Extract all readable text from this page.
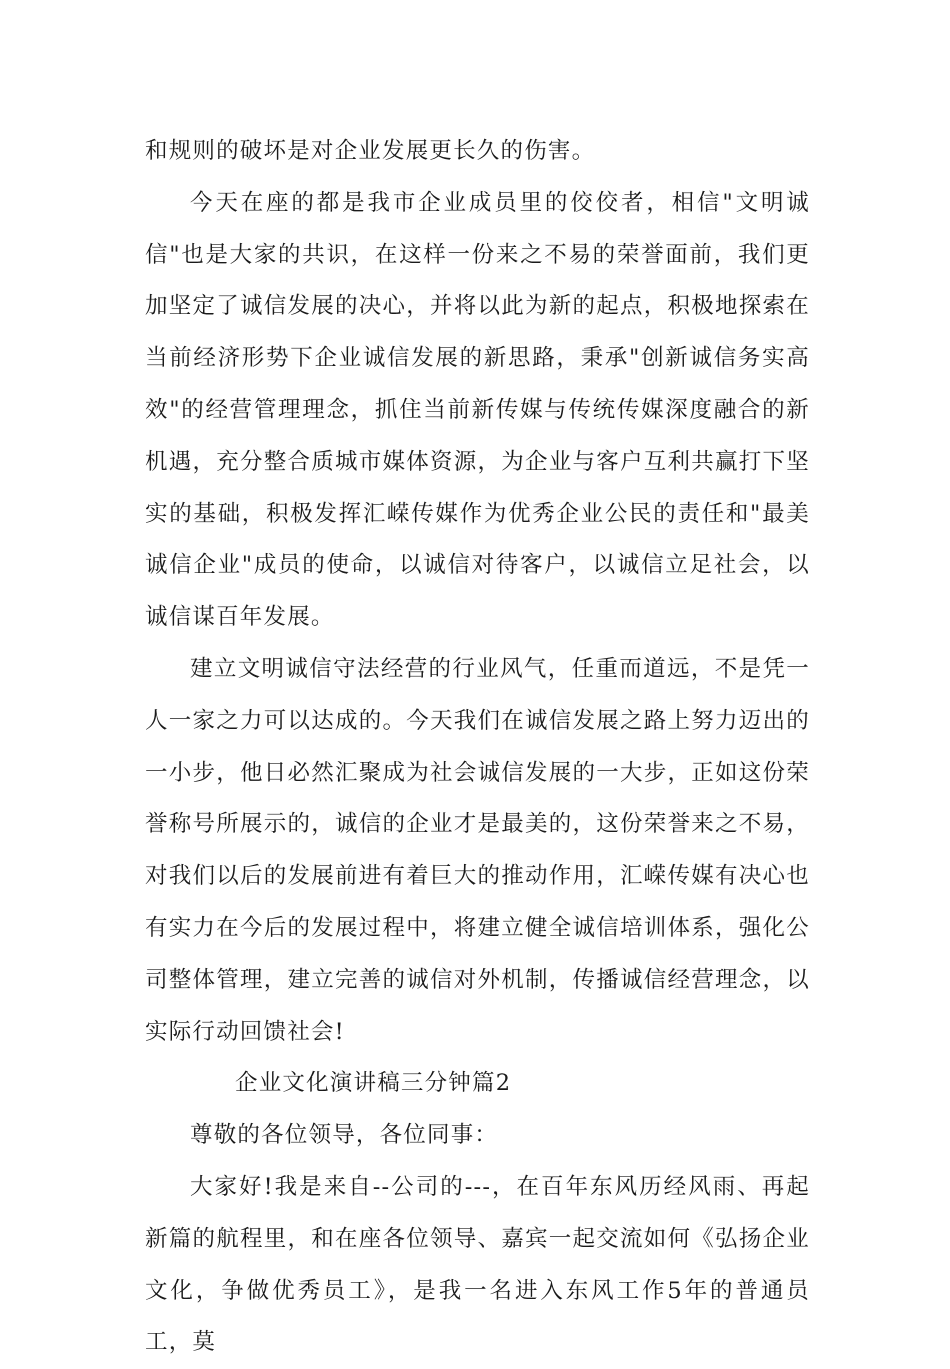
和规则的破坏是对企业发展更长久的伤害。

今天在座的都是我市企业成员里的佼佼者，相信"文明诚信"也是大家的共识，在这样一份来之不易的荣誉面前，我们更加坚定了诚信发展的决心，并将以此为新的起点，积极地探索在当前经济形势下企业诚信发展的新思路，秉承"创新诚信务实高效"的经营管理理念，抓住当前新传媒与传统传媒深度融合的新机遇，充分整合质城市媒体资源，为企业与客户互利共赢打下坚实的基础，积极发挥汇嵘传媒作为优秀企业公民的责任和"最美诚信企业"成员的使命，以诚信对待客户，以诚信立足社会，以诚信谋百年发展。

建立文明诚信守法经营的行业风气，任重而道远，不是凭一人一家之力可以达成的。今天我们在诚信发展之路上努力迈出的一小步，他日必然汇聚成为社会诚信发展的一大步，正如这份荣誉称号所展示的，诚信的企业才是最美的，这份荣誉来之不易，对我们以后的发展前进有着巨大的推动作用，汇嵘传媒有决心也有实力在今后的发展过程中，将建立健全诚信培训体系，强化公司整体管理，建立完善的诚信对外机制，传播诚信经营理念，以实际行动回馈社会!

企业文化演讲稿三分钟篇2

尊敬的各位领导，各位同事：

大家好!我是来自--公司的---，在百年东风历经风雨、再起新篇的航程里，和在座各位领导、嘉宾一起交流如何《弘扬企业文化，争做优秀员工》，是我一名进入东风工作5年的普通员工，莫
